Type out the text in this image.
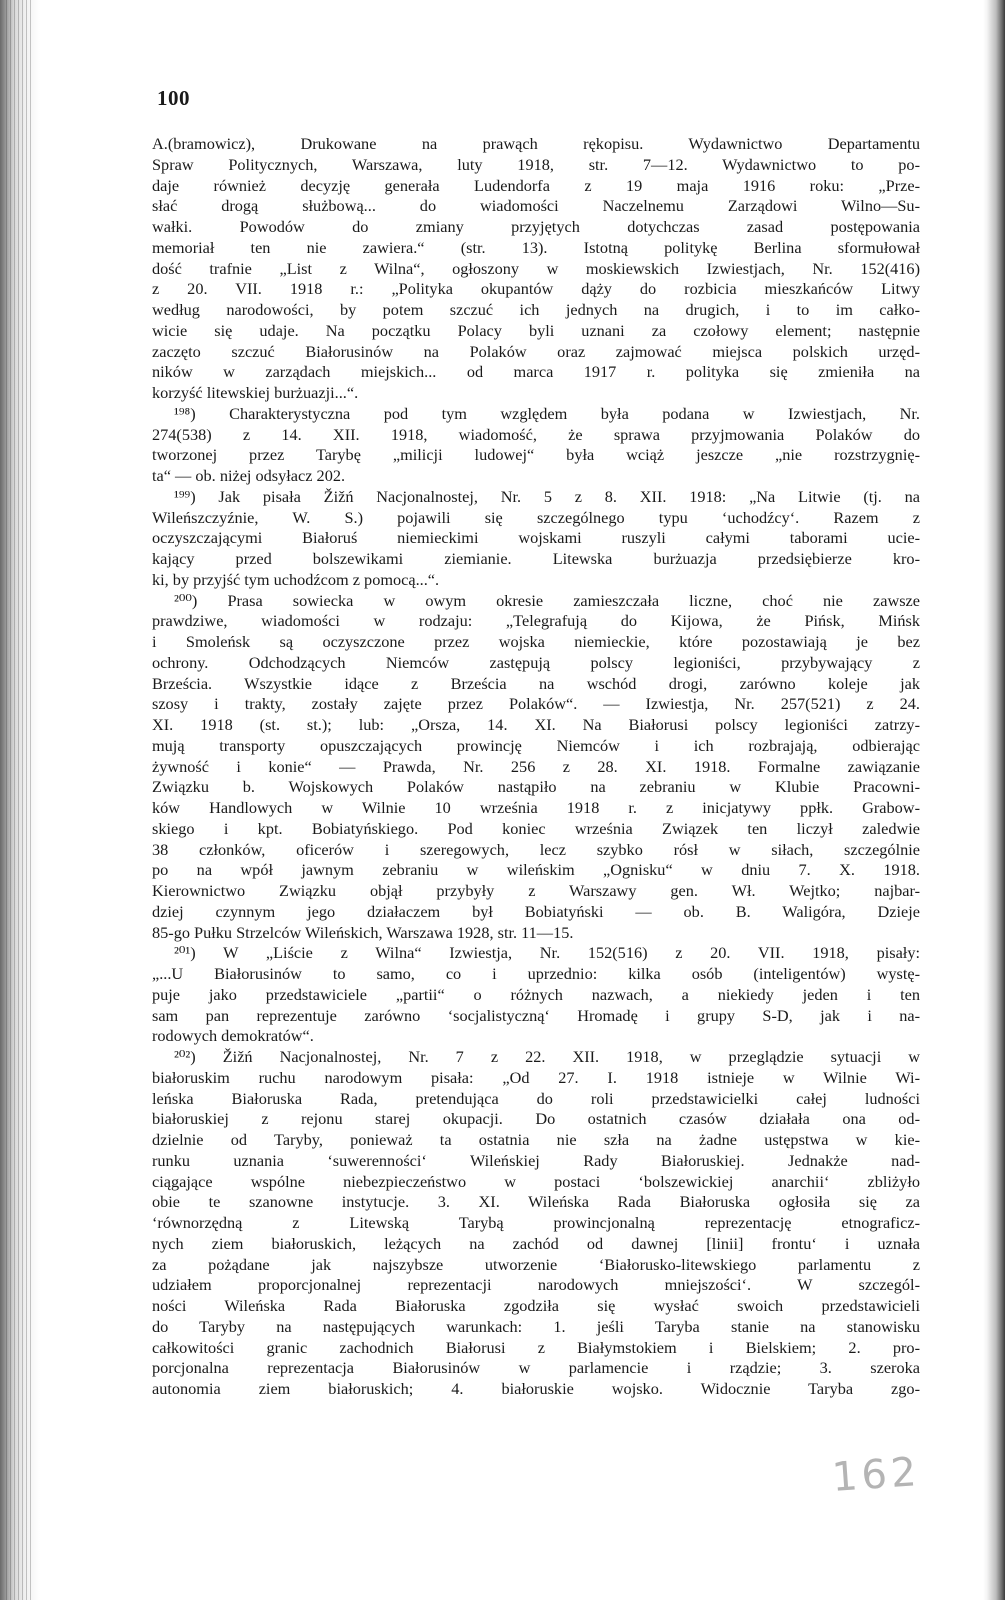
100
A.(bramowicz), Drukowane na prawąch rękopisu. Wydawnictwo Departamentu
Spraw Politycznych, Warszawa, luty 1918, str. 7—12. Wydawnictwo to po-
daje również decyzję generała Ludendorfa z 19 maja 1916 roku: „Prze-
słać drogą służbową... do wiadomości Naczelnemu Zarządowi Wilno—Su-
wałki. Powodów do zmiany przyjętych dotychczas zasad postępowania
memoriał ten nie zawiera.“ (str. 13). Istotną politykę Berlina sformułował
dość trafnie „List z Wilna“, ogłoszony w moskiewskich Izwiestjach, Nr. 152(416)
z 20. VII. 1918 r.: „Polityka okupantów dąży do rozbicia mieszkańców Litwy
według narodowości, by potem szczuć ich jednych na drugich, i to im całko-
wicie się udaje. Na początku Polacy byli uznani za czołowy element; następnie
zaczęto szczuć Białorusinów na Polaków oraz zajmować miejsca polskich urzęd-
ników w zarządach miejskich... od marca 1917 r. polityka się zmieniła na
korzyść litewskiej burżuazji...“.
¹⁹⁸) Charakterystyczna pod tym względem była podana w Izwiestjach, Nr.
274(538) z 14. XII. 1918, wiadomość, że sprawa przyjmowania Polaków do
tworzonej przez Tarybę „milicji ludowej“ była wciąż jeszcze „nie rozstrzygnię-
ta“ — ob. niżej odsyłacz 202.
¹⁹⁹) Jak pisała Žižń Nacjonalnostej, Nr. 5 z 8. XII. 1918: „Na Litwie (tj. na
Wileńszczyźnie, W. S.) pojawili się szczególnego typu ‘uchodźcy‘. Razem z
oczyszczającymi Białoruś niemieckimi wojskami ruszyli całymi taborami ucie-
kający przed bolszewikami ziemianie. Litewska burżuazja przedsiębierze kro-
ki, by przyjść tym uchodźcom z pomocą...“.
²⁰⁰) Prasa sowiecka w owym okresie zamieszczała liczne, choć nie zawsze
prawdziwe, wiadomości w rodzaju: „Telegrafują do Kijowa, że Pińsk, Mińsk
i Smoleńsk są oczyszczone przez wojska niemieckie, które pozostawiają je bez
ochrony. Odchodzących Niemców zastępują polscy legioniści, przybywający z
Brześcia. Wszystkie idące z Brześcia na wschód drogi, zarówno koleje jak
szosy i trakty, zostały zajęte przez Polaków“. — Izwiestja, Nr. 257(521) z 24.
XI. 1918 (st. st.); lub: „Orsza, 14. XI. Na Białorusi polscy legioniści zatrzy-
mują transporty opuszczających prowincję Niemców i ich rozbrajają, odbierając
żywność i konie“ — Prawda, Nr. 256 z 28. XI. 1918. Formalne zawiązanie
Związku b. Wojskowych Polaków nastąpiło na zebraniu w Klubie Pracowni-
ków Handlowych w Wilnie 10 września 1918 r. z inicjatywy ppłk. Grabow-
skiego i kpt. Bobiatyńskiego. Pod koniec września Związek ten liczył zaledwie
38 członków, oficerów i szeregowych, lecz szybko rósł w siłach, szczególnie
po na wpół jawnym zebraniu w wileńskim „Ognisku“ w dniu 7. X. 1918.
Kierownictwo Związku objął przybyły z Warszawy gen. Wł. Wejtko; najbar-
dziej czynnym jego działaczem był Bobiatyński — ob. B. Waligóra, Dzieje
85-go Pułku Strzelców Wileńskich, Warszawa 1928, str. 11—15.
²⁰¹) W „Liście z Wilna“ Izwiestja, Nr. 152(516) z 20. VII. 1918, pisały:
„...U Białorusinów to samo, co i uprzednio: kilka osób (inteligentów) wystę-
puje jako przedstawiciele „partii“ o różnych nazwach, a niekiedy jeden i ten
sam pan reprezentuje zarówno ‘socjalistyczną‘ Hromadę i grupy S-D, jak i na-
rodowych demokratów“.
²⁰²) Žižń Nacjonalnostej, Nr. 7 z 22. XII. 1918, w przeglądzie sytuacji w
białoruskim ruchu narodowym pisała: „Od 27. I. 1918 istnieje w Wilnie Wi-
leńska Białoruska Rada, pretendująca do roli przedstawicielki całej ludności
białoruskiej z rejonu starej okupacji. Do ostatnich czasów działała ona od-
dzielnie od Taryby, ponieważ ta ostatnia nie szła na żadne ustępstwa w kie-
runku uznania ‘suwerenności‘ Wileńskiej Rady Białoruskiej. Jednakże nad-
ciągające wspólne niebezpieczeństwo w postaci ‘bolszewickiej anarchii‘ zbliżyło
obie te szanowne instytucje. 3. XI. Wileńska Rada Białoruska ogłosiła się za
‘równorzędną z Litewską Tarybą prowincjonalną reprezentację etnograficz-
nych ziem białoruskich, leżących na zachód od dawnej [linii] frontu‘ i uznała
za pożądane jak najszybsze utworzenie ‘Białorusko-litewskiego parlamentu z
udziałem proporcjonalnej reprezentacji narodowych mniejszości‘. W szczegól-
ności Wileńska Rada Białoruska zgodziła się wysłać swoich przedstawicieli
do Taryby na następujących warunkach: 1. jeśli Taryba stanie na stanowisku
całkowitości granic zachodnich Białorusi z Białymstokiem i Bielskiem; 2. pro-
porcjonalna reprezentacja Białorusinów w parlamencie i rządzie; 3. szeroka
autonomia ziem białoruskich; 4. białoruskie wojsko. Widocznie Taryba zgo-
162
